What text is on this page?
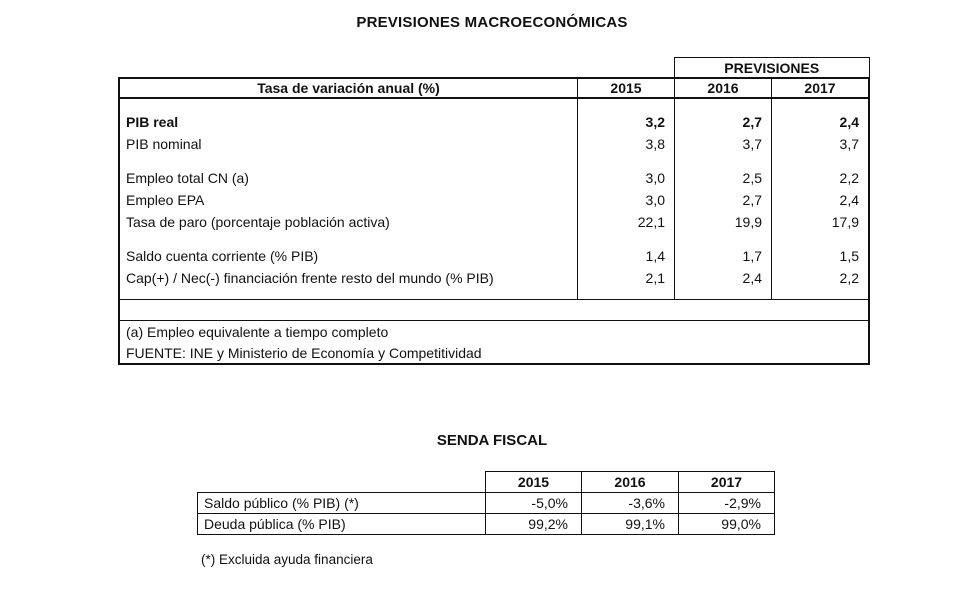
PREVISIONES MACROECONÓMICAS
		PREVISIONES	
Tasa de variación anual (%)	2015	2016	2017

PIB real	3,2	2,7	2,4
PIB nominal	3,8	3,7	3,7

Empleo total CN (a)	3,0	2,5	2,2
Empleo EPA	3,0	2,7	2,4
Tasa de paro (porcentaje población activa)	22,1	19,9	17,9

Saldo cuenta corriente (% PIB)	1,4	1,7	1,5
Cap(+) / Nec(-) financiación frente resto del mundo (% PIB)	2,1	2,4	2,2

(a) Empleo equivalente a tiempo completo			
FUENTE: INE y Ministerio de Economía y Competitividad			
SENDA FISCAL
	2015	2016	2017
Saldo público (% PIB) (*)	-5,0%	-3,6%	-2,9%
Deuda pública (% PIB)	99,2%	99,1%	99,0%
(*) Excluida ayuda financiera
